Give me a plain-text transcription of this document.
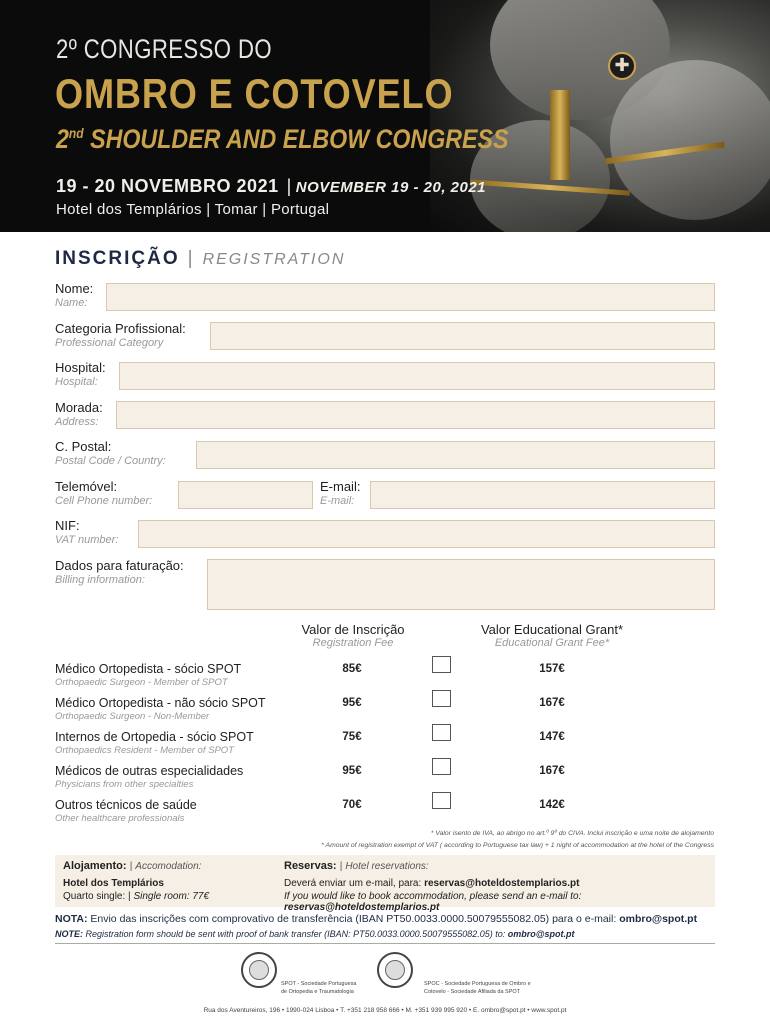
✚
2º CONGRESSO DO
OMBRO E COTOVELO
2nd SHOULDER AND ELBOW CONGRESS
19 - 20 NOVEMBRO 2021 | NOVEMBER 19 - 20, 2021
Hotel dos Templários | Tomar | Portugal
INSCRIÇÃO | REGISTRATION
Nome:
Name:
Categoria Profissional:
Professional Category
Hospital:
Hospital:
Morada:
Address:
C. Postal:
Postal Code / Country:
Telemóvel:
Cell Phone number:
E-mail:
E-mail:
NIF:
VAT number:
Dados para faturação:
Billing information:
Valor de Inscrição
Registration Fee
Valor Educational Grant*
Educational Grant Fee*
Médico Ortopedista - sócio SPOT
Orthopaedic Surgeon - Member of SPOT
85€	157€
Médico Ortopedista - não sócio SPOT
Orthopaedic Surgeon - Non-Member
95€	167€
Internos de Ortopedia - sócio SPOT
Orthopaedics Resident - Member of SPOT
75€	147€
Médicos de outras especialidades
Physicians from other specialties
95€	167€
Outros técnicos de saúde
Other healthcare professionals
70€	142€
* Valor isento de IVA, ao abrigo no art.º 9º do CIVA. Inclui inscrição e uma noite de alojamento
* Amount of registration exempt of VAT ( according to Portuguese tax law) + 1 night of accommodation at the hotel of the Congress
Alojamento: | Accomodation:
Hotel dos Templários
Quarto single: | Single room: 77€
Reservas: | Hotel reservations:
Deverá enviar um e-mail, para: reservas@hoteldostemplarios.pt
If you would like to book accommodation, please send an e-mail to: reservas@hoteldostemplarios.pt
NOTA: Envio das inscrições com comprovativo de transferência (IBAN PT50.0033.0000.50079555082.05) para o e-mail: ombro@spot.pt
NOTE: Registration form should be sent with proof of bank transfer (IBAN: PT50.0033.0000.50079555082.05) to: ombro@spot.pt
SPOT - Sociedade Portuguesa
de Ortopedia e Traumatologia
SPOC - Sociedade Portuguesa de Ombro e
Cotovelo - Sociedade Afiliada da SPOT
Rua dos Aventureiros, 196 • 1990-024 Lisboa • T. +351 218 958 666 • M. +351 939 995 920 • E. ombro@spot.pt • www.spot.pt
